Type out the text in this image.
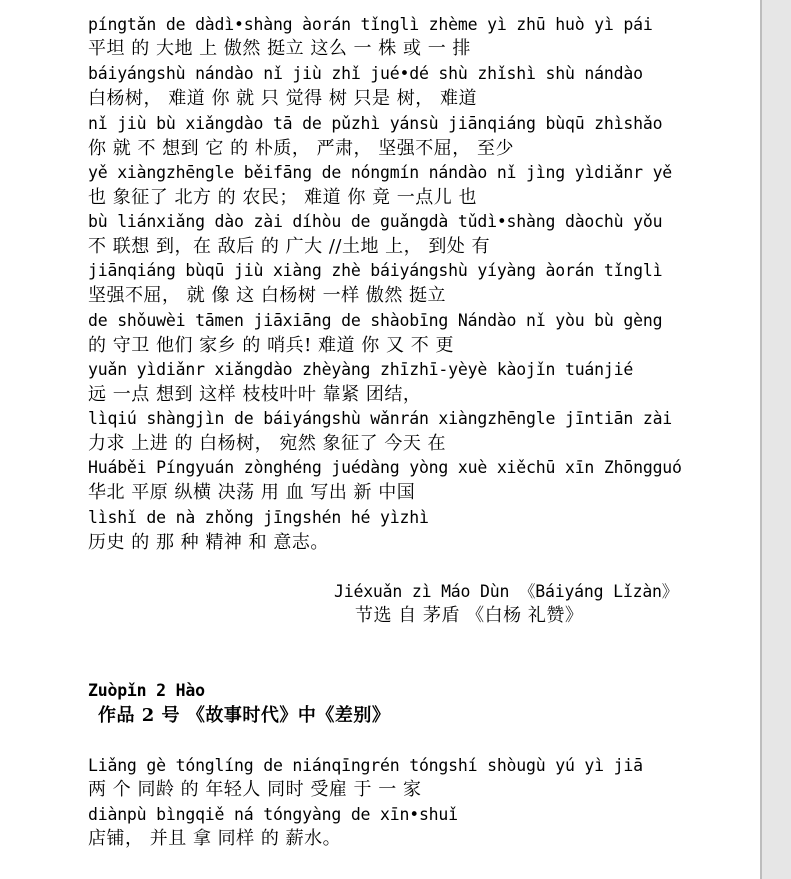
píngtǎn de dàdì•shàng àorán tǐnglì zhème yì zhū huò yì pái

平坦 的 大地 上 傲然 挺立 这么 一 株 或 一 排

báiyángshù nándào nǐ jiù zhǐ jué•dé shù zhǐshì shù nándào

白杨树， 难道 你 就 只 觉得 树 只是 树， 难道

nǐ jiù bù xiǎngdào tā de pǔzhì yánsù jiānqiáng bùqū zhìshǎo

你 就 不 想到 它 的 朴质， 严肃， 坚强不屈， 至少

yě xiàngzhēngle běifāng de nóngmín nándào nǐ jìng yìdiǎnr yě

也 象征了 北方 的 农民； 难道 你 竟 一点儿 也

bù liánxiǎng dào zài díhòu de guǎngdà tǔdì•shàng dàochù yǒu

不 联想 到，在 敌后 的 广大 //土地 上， 到处 有

jiānqiáng bùqū jiù xiàng zhè báiyángshù yíyàng àorán tǐnglì

坚强不屈， 就 像 这 白杨树 一样 傲然 挺立

de shǒuwèi tāmen jiāxiāng de shàobīng Nándào nǐ yòu bù gèng

的 守卫 他们 家乡 的 哨兵! 难道 你 又 不 更

yuǎn yìdiǎnr xiǎngdào zhèyàng zhīzhī-yèyè kàojǐn tuánjié

远 一点 想到 这样 枝枝叶叶 靠紧 团结，

lìqiú shàngjìn de báiyángshù wǎnrán xiàngzhēngle jīntiān zài

力求 上进 的 白杨树， 宛然 象征了 今天 在

Huáběi Píngyuán zònghéng juédàng yòng xuè xiěchū xīn Zhōngguó

华北 平原 纵横 决荡 用 血 写出 新 中国

lìshǐ de nà zhǒng jīngshén hé yìzhì

历史 的 那 种 精神 和 意志。

Jiéxuǎn zì Máo Dùn 《Báiyáng Lǐzàn》

节选 自 茅盾 《白杨 礼赞》

Zuòpǐn 2 Hào

作品 2 号 《故事时代》中《差别》

Liǎng gè tónglíng de niánqīngrén tóngshí shòugù yú yì jiā

两 个 同龄 的 年轻人 同时 受雇 于 一 家

diànpù bìngqiě ná tóngyàng de xīn•shuǐ

店铺， 并且 拿 同样 的 薪水。
